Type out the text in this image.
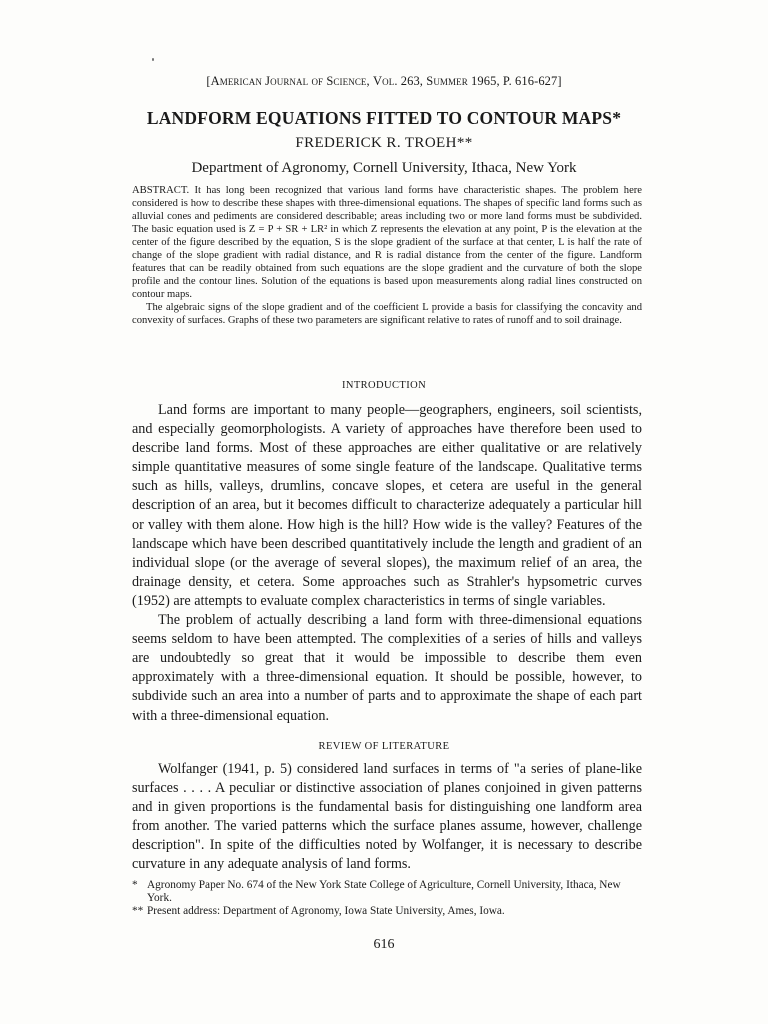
[American Journal of Science, Vol. 263, Summer 1965, P. 616-627]
LANDFORM EQUATIONS FITTED TO CONTOUR MAPS*
FREDERICK R. TROEH**
Department of Agronomy, Cornell University, Ithaca, New York

ABSTRACT. It has long been recognized that various land forms have characteristic shapes. The problem here considered is how to describe these shapes with three-dimensional equations. The shapes of specific land forms such as alluvial cones and pediments are considered describable; areas including two or more land forms must be subdivided. The basic equation used is Z = P + SR + LR² in which Z represents the elevation at any point, P is the elevation at the center of the figure described by the equation, S is the slope gradient of the surface at that center, L is half the rate of change of the slope gradient with radial distance, and R is radial distance from the center of the figure. Landform features that can be readily obtained from such equations are the slope gradient and the curvature of both the slope profile and the contour lines. Solution of the equations is based upon measurements along radial lines constructed on contour maps.

The algebraic signs of the slope gradient and of the coefficient L provide a basis for classifying the concavity and convexity of surfaces. Graphs of these two parameters are significant relative to rates of runoff and to soil drainage.

INTRODUCTION

Land forms are important to many people—geographers, engineers, soil scientists, and especially geomorphologists. A variety of approaches have therefore been used to describe land forms. Most of these approaches are either qualitative or are relatively simple quantitative measures of some single feature of the landscape. Qualitative terms such as hills, valleys, drumlins, concave slopes, et cetera are useful in the general description of an area, but it becomes difficult to characterize adequately a particular hill or valley with them alone. How high is the hill? How wide is the valley? Features of the landscape which have been described quantitatively include the length and gradient of an individual slope (or the average of several slopes), the maximum relief of an area, the drainage density, et cetera. Some approaches such as Strahler's hypsometric curves (1952) are attempts to evaluate complex characteristics in terms of single variables.

The problem of actually describing a land form with three-dimensional equations seems seldom to have been attempted. The complexities of a series of hills and valleys are undoubtedly so great that it would be impossible to describe them even approximately with a three-dimensional equation. It should be possible, however, to subdivide such an area into a number of parts and to approximate the shape of each part with a three-dimensional equation.

REVIEW OF LITERATURE

Wolfanger (1941, p. 5) considered land surfaces in terms of "a series of plane-like surfaces . . . . A peculiar or distinctive association of planes conjoined in given patterns and in given proportions is the fundamental basis for distinguishing one landform area from another. The varied patterns which the surface planes assume, however, challenge description". In spite of the difficulties noted by Wolfanger, it is necessary to describe curvature in any adequate analysis of land forms.

* Agronomy Paper No. 674 of the New York State College of Agriculture, Cornell University, Ithaca, New York.

** Present address: Department of Agronomy, Iowa State University, Ames, Iowa.

616
